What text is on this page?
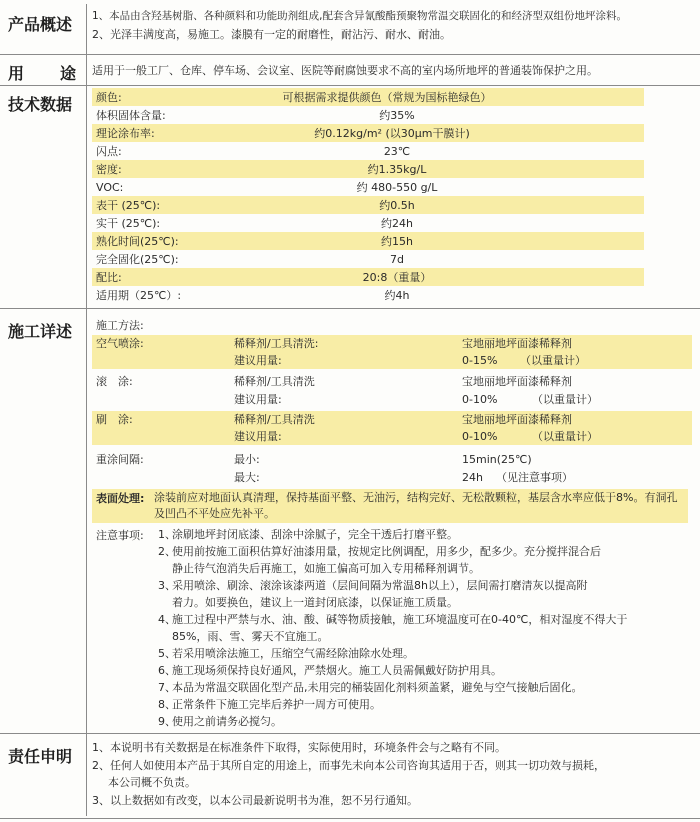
产品概述	1、本品由含羟基树脂、各种颜料和功能助剂组成,配套含异氰酸酯预聚物常温交联固化的和经济型双组份地坪涂料。
2、光泽丰满度高，易施工。漆膜有一定的耐磨性，耐沾污、耐水、耐油。
用 途 适用于一般工厂、仓库、停车场、会议室、医院等耐腐蚀要求不高的室内场所地坪的普通装饰保护之用。
技术数据	颜色:	可根据需求提供颜色（常规为国标艳绿色）
体积固体含量:	约35%
理论涂布率:	约0.12kg/m² (以30μm干膜计)
闪点:	23℃
密度:	约1.35kg/L
VOC:	约 480-550 g/L
表干 (25℃):	约0.5h
实干 (25℃):	约24h
熟化时间(25℃):	约15h
完全固化(25℃):	7d
配比:	20:8（重量）
适用期（25℃）:	约4h
施工详述	施工方法:
空气喷涂:	稀释剂/工具清洗:	宝地丽地坪面漆稀释剂
建议用量:	0-15% （以重量计）
滚　涂:	稀释剂/工具清洗	宝地丽地坪面漆稀释剂
建议用量:	0-10%	（以重量计）
刷　涂:	稀释剂/工具清洗	宝地丽地坪面漆稀释剂
建议用量:	0-10%	（以重量计）
重涂间隔:	最小:	15min(25℃)
最大:	24h （见注意事项）
表面处理: 涂装前应对地面认真清理，保持基面平整、无油污，结构完好、无松散颗粒，基层含水率应低于8%。有洞孔及凹凸不平处应先补平。
注意事项: 1、涂刷地坪封闭底漆、刮涂中涂腻子，完全干透后打磨平整。
2、使用前按施工面积估算好油漆用量，按规定比例调配，用多少，配多少。充分搅拌混合后
静止待气泡消失后再施工，如施工偏高可加入专用稀释剂调节。
3、采用喷涂、刷涂、滚涂该漆两道（层间间隔为常温8h以上），层间需打磨清灰以提高附
着力。如要换色，建议上一道封闭底漆，以保证施工质量。
4、施工过程中严禁与水、油、酸、碱等物质接触，施工环境温度可在0-40℃，相对湿度不得大于
85%，雨、雪、雾天不宜施工。
5、若采用喷涂法施工，压缩空气需经除油除水处理。
6、施工现场须保持良好通风，严禁烟火。施工人员需佩戴好防护用具。
7、本品为常温交联固化型产品,未用完的桶装固化剂料须盖紧，避免与空气接触后固化。
8、正常条件下施工完毕后养护一周方可使用。
9、使用之前请务必搅匀。
责任申明	1、本说明书有关数据是在标准条件下取得，实际使用时，环境条件会与之略有不同。
2、任何人如使用本产品于其所自定的用途上，而事先未向本公司咨询其适用于否，则其一切功效与损耗，
本公司概不负责。
3、以上数据如有改变，以本公司最新说明书为准，恕不另行通知。
